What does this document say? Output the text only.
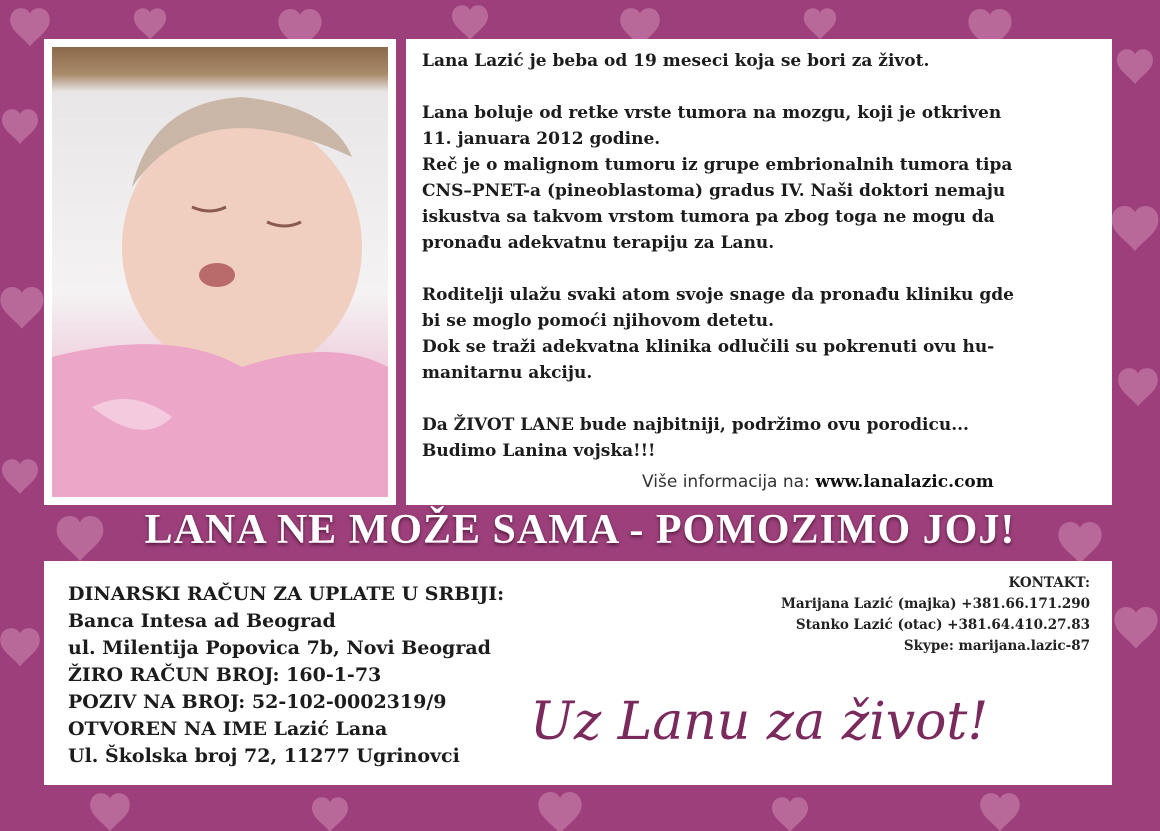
Lana Lazić je beba od 19 meseci koja se bori za život.

Lana boluje od retke vrste tumora na mozgu, koji je otkriven
11. januara 2012 godine.
Reč je o malignom tumoru iz grupe embrionalnih tumora tipa
CNS–PNET-a (pineoblastoma) gradus IV. Naši doktori nemaju
iskustva sa takvom vrstom tumora pa zbog toga ne mogu da
pronađu adekvatnu terapiju za Lanu.

Roditelji ulažu svaki atom svoje snage da pronađu kliniku gde
bi se moglo pomoći njihovom detetu.
Dok se traži adekvatna klinika odlučili su pokrenuti ovu hu-
manitarnu akciju.

Da ŽIVOT LANE bude najbitniji, podržimo ovu porodicu...
Budimo Lanina vojska!!!

Više informacija na: www.lanalazic.com
LANA NE MOŽE SAMA - POMOZIMO JOJ!
DINARSKI RAČUN ZA UPLATE U SRBIJI:
Banca Intesa ad Beograd
ul. Milentija Popovica 7b, Novi Beograd
ŽIRO RAČUN BROJ: 160-1-73
POZIV NA BROJ: 52-102-0002319/9
OTVOREN NA IME Lazić Lana
Ul. Školska broj 72, 11277 Ugrinovci
KONTAKT:
Marijana Lazić (majka) +381.66.171.290
Stanko Lazić (otac) +381.64.410.27.83
Skype: marijana.lazic-87
Uz Lanu za život!
